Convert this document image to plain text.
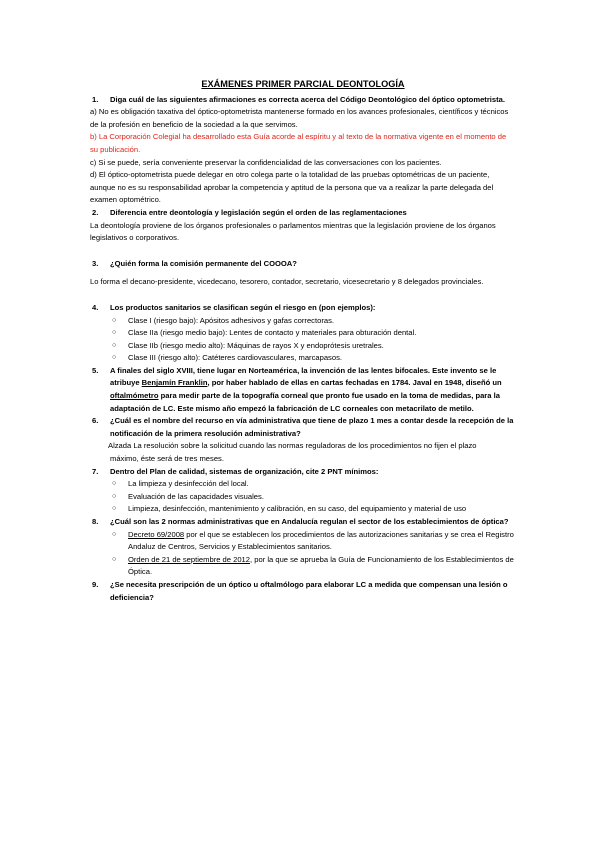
EXÁMENES PRIMER PARCIAL DEONTOLOGÍA

1. Diga cuál de las siguientes afirmaciones es correcta acerca del Código Deontológico del óptico optometrista.

a) No es obligación taxativa del óptico-optometrista mantenerse formado en los avances profesionales, científicos y técnicos de la profesión en beneficio de la sociedad a la que servimos.

b) La Corporación Colegial ha desarrollado esta Guía acorde al espíritu y al texto de la normativa vigente en el momento de su publicación.

c) Si se puede, sería conveniente preservar la confidencialidad de las conversaciones con los pacientes.

d) El óptico-optometrista puede delegar en otro colega parte o la totalidad de las pruebas optométricas de un paciente, aunque no es su responsabilidad aprobar la competencia y aptitud de la persona que va a realizar la parte delegada del examen optométrico.

2. Diferencia entre deontología y legislación según el orden de las reglamentaciones

La deontología proviene de los órganos profesionales o parlamentos mientras que la legislación proviene de los órganos legislativos o corporativos.

3. ¿Quién forma la comisión permanente del COOOA?

Lo forma el decano-presidente, vicedecano, tesorero, contador, secretario, vicesecretario y 8 delegados provinciales.

4. Los productos sanitarios se clasifican según el riesgo en (pon ejemplos):
○ Clase I (riesgo bajo): Apósitos adhesivos y gafas correctoras.
○ Clase IIa (riesgo medio bajo): Lentes de contacto y materiales para obturación dental.
○ Clase IIb (riesgo medio alto): Máquinas de rayos X y endoprótesis uretrales.
○ Clase III (riesgo alto): Catéteres cardiovasculares, marcapasos.
5. A finales del siglo XVIII, tiene lugar en Norteamérica, la invención de las lentes bifocales. Este invento se le atribuye Benjamín Franklin, por haber hablado de ellas en cartas fechadas en 1784. Javal en 1948, diseñó un oftalmómetro para medir parte de la topografía corneal que pronto fue usado en la toma de medidas, para la adaptación de LC. Este mismo año empezó la fabricación de LC corneales con metacrilato de metilo.
6. ¿Cuál es el nombre del recurso en vía administrativa que tiene de plazo 1 mes a contar desde la recepción de la notificación de la primera resolución administrativa?

Alzada La resolución sobre la solicitud cuando las normas reguladoras de los procedimientos no fijen el plazo

máximo, éste será de tres meses.

7. Dentro del Plan de calidad, sistemas de organización, cite 2 PNT mínimos:
○ La limpieza y desinfección del local.
○ Evaluación de las capacidades visuales.
○ Limpieza, desinfección, mantenimiento y calibración, en su caso, del equipamiento y material de uso
8. ¿Cuál son las 2 normas administrativas que en Andalucía regulan el sector de los establecimientos de óptica?
○ Decreto 69/2008 por el que se establecen los procedimientos de las autorizaciones sanitarias y se crea el Registro Andaluz de Centros, Servicios y Establecimientos sanitarios.
○ Orden de 21 de septiembre de 2012, por la que se aprueba la Guía de Funcionamiento de los Establecimientos de Óptica.
9. ¿Se necesita prescripción de un óptico u oftalmólogo para elaborar LC a medida que compensan una lesión o deficiencia?
